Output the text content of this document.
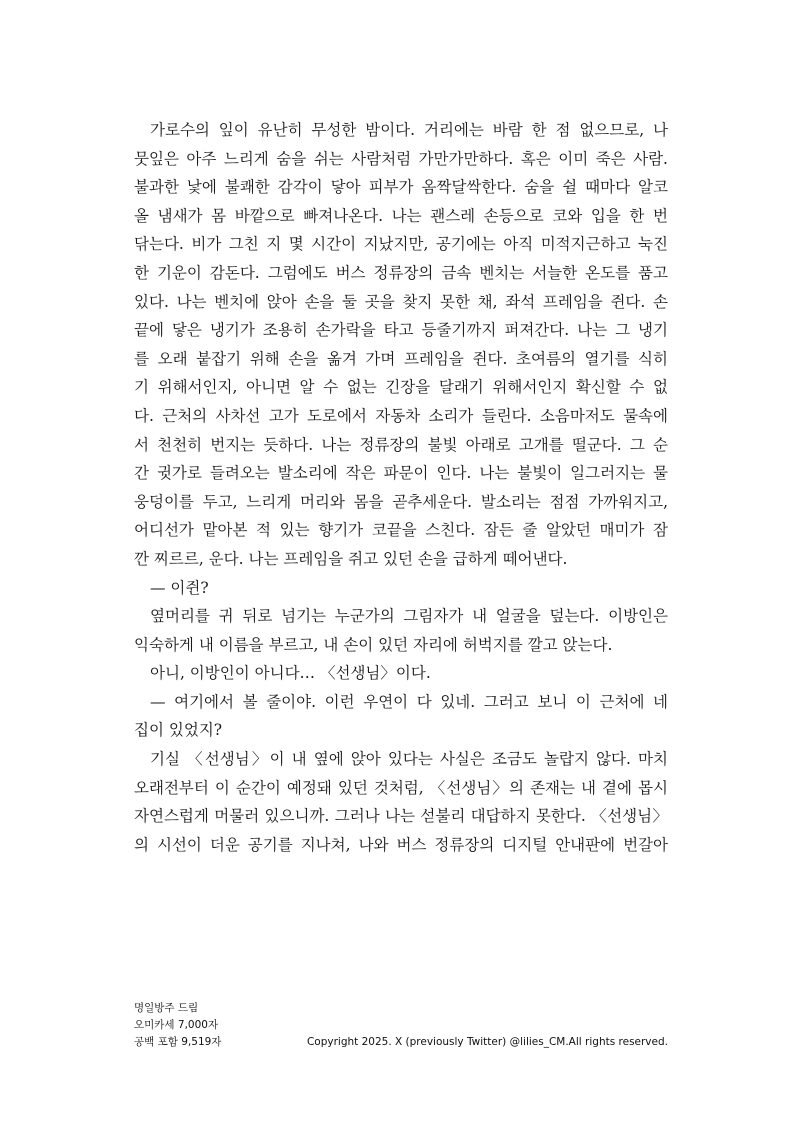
가로수의 잎이 유난히 무성한 밤이다. 거리에는 바람 한 점 없으므로, 나
뭇잎은 아주 느리게 숨을 쉬는 사람처럼 가만가만하다. 혹은 이미 죽은 사람.
불과한 낯에 불쾌한 감각이 닿아 피부가 옴짝달싹한다. 숨을 쉴 때마다 알코
올 냄새가 몸 바깥으로 빠져나온다. 나는 괜스레 손등으로 코와 입을 한 번
닦는다. 비가 그친 지 몇 시간이 지났지만, 공기에는 아직 미적지근하고 눅진
한 기운이 감돈다. 그럼에도 버스 정류장의 금속 벤치는 서늘한 온도를 품고
있다. 나는 벤치에 앉아 손을 둘 곳을 찾지 못한 채, 좌석 프레임을 쥔다. 손
끝에 닿은 냉기가 조용히 손가락을 타고 등줄기까지 퍼져간다. 나는 그 냉기
를 오래 붙잡기 위해 손을 옮겨 가며 프레임을 쥔다. 초여름의 열기를 식히
기 위해서인지, 아니면 알 수 없는 긴장을 달래기 위해서인지 확신할 수 없
다. 근처의 사차선 고가 도로에서 자동차 소리가 들린다. 소음마저도 물속에
서 천천히 번지는 듯하다. 나는 정류장의 불빛 아래로 고개를 떨군다. 그 순
간 귓가로 들려오는 발소리에 작은 파문이 인다. 나는 불빛이 일그러지는 물
웅덩이를 두고, 느리게 머리와 몸을 곧추세운다. 발소리는 점점 가까워지고,
어디선가 맡아본 적 있는 향기가 코끝을 스친다. 잠든 줄 알았던 매미가 잠
깐 찌르르, 운다. 나는 프레임을 쥐고 있던 손을 급하게 떼어낸다.
— 이쥔?
옆머리를 귀 뒤로 넘기는 누군가의 그림자가 내 얼굴을 덮는다. 이방인은
익숙하게 내 이름을 부르고, 내 손이 있던 자리에 허벅지를 깔고 앉는다.
아니, 이방인이 아니다… 〈선생님〉이다.
— 여기에서 볼 줄이야. 이런 우연이 다 있네. 그러고 보니 이 근처에 네
집이 있었지?
기실 〈선생님〉이 내 옆에 앉아 있다는 사실은 조금도 놀랍지 않다. 마치
오래전부터 이 순간이 예정돼 있던 것처럼, 〈선생님〉의 존재는 내 곁에 몹시
자연스럽게 머물러 있으니까. 그러나 나는 섣불리 대답하지 못한다. 〈선생님〉
의 시선이 더운 공기를 지나쳐, 나와 버스 정류장의 디지털 안내판에 번갈아
명일방주 드림
오미카세 7,000자
공백 포함 9,519자	Copyright 2025. X (previously Twitter) @lilies_CM.All rights reserved.
